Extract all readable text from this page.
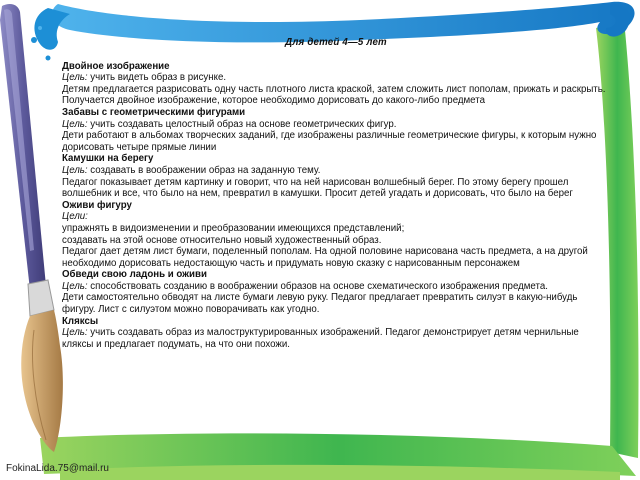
Для детей 4—5 лет
Двойное изображение

Цель: учить видеть образ в рисунке.

Детям предлагается разрисовать одну часть плотного листа краской, затем сложить лист пополам, прижать и раскрыть. Получается двойное изображение, которое необходимо дорисовать до какого-либо предмета

Забавы с геометрическими фигурами

Цель: учить создавать целостный образ на основе геометрических фигур.

Дети работают в альбомах творческих заданий, где изображены различные геометрические фигуры, к которым нужно дорисовать четыре прямые линии

Камушки на берегу

Цель: создавать в воображении образ на заданную тему.

Педагог показывает детям картинку и говорит, что на ней нарисован волшебный берег. По этому берегу прошел волшебник и все, что было на нем, превратил в камушки. Просит детей угадать и дорисовать, что было на берег

Оживи фигуру

Цели:

упражнять в видоизменении и преобразовании имеющихся представлений;

создавать на этой основе относительно новый художественный образ.

Педагог дает детям лист бумаги, поделенный пополам. На одной половине нарисована часть предмета, а на другой необходимо дорисовать недостающую часть и придумать новую сказку с нарисованным персонажем

Обведи свою ладонь и оживи

Цель: способствовать созданию в воображении образов на основе схематического изображения предмета.

Дети самостоятельно обводят на листе бумаги левую руку. Педагог предлагает превратить силуэт в какую-нибудь фигуру. Лист с силуэтом можно поворачивать как угодно.

Кляксы

Цель: учить создавать образ из малоструктурированных изображений. Педагог демонстрирует детям чернильные кляксы и предлагает подумать, на что они похожи.

FokinaLida.75@mail.ru
